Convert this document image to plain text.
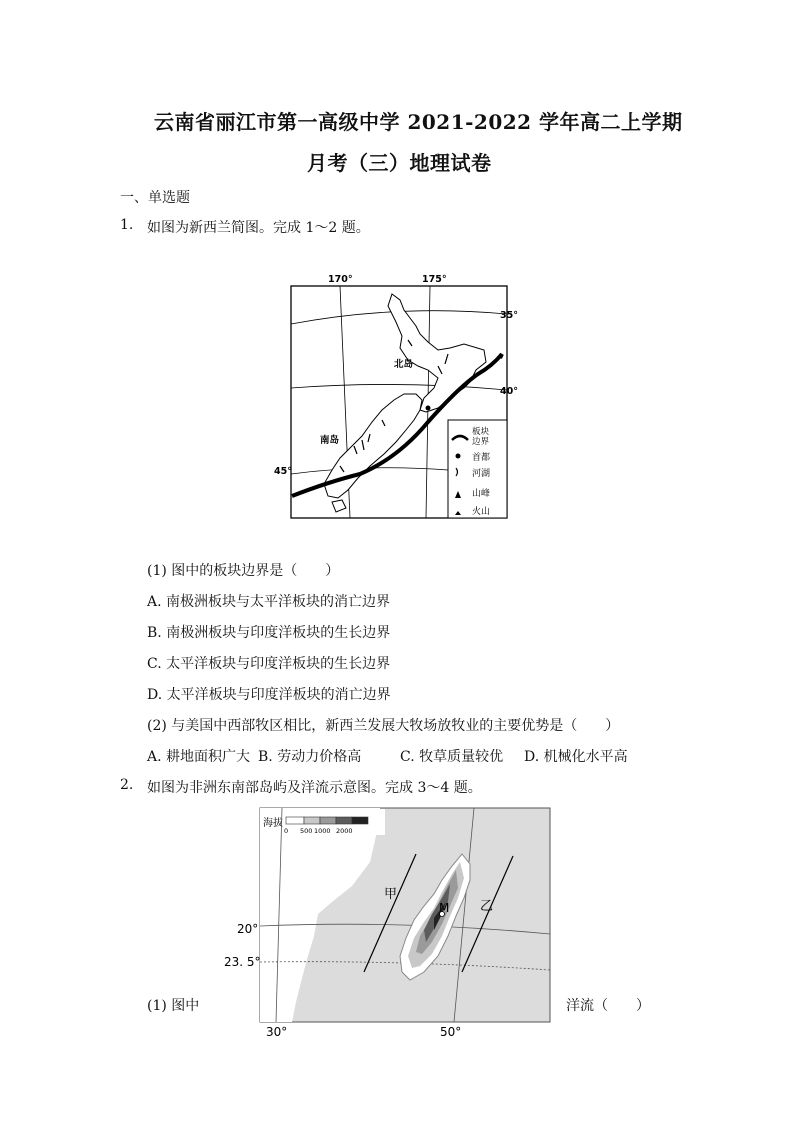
云南省丽江市第一高级中学 2021-2022 学年高二上学期
月考（三）地理试卷
一、单选题
1. 如图为新西兰简图。完成 1～2 题。
板块
边界
首都
河湖
山峰
火山
170°	175°
35°
40°
45°
北岛
南岛
(1) 图中的板块边界是（　　）
A. 南极洲板块与太平洋板块的消亡边界
B. 南极洲板块与印度洋板块的生长边界
C. 太平洋板块与印度洋板块的生长边界
D. 太平洋板块与印度洋板块的消亡边界
(2) 与美国中西部牧区相比，新西兰发展大牧场放牧业的主要优势是（　　）
A. 耕地面积广大 B. 劳动力价格高	C. 牧草质量较优 D. 机械化水平高
2. 如图为非洲东南部岛屿及洋流示意图。完成 3～4 题。
海拔
0 500 1000 2000
甲
乙
M
20°
23. 5°
30°	50°
(1) 图中	洋流（　　）
